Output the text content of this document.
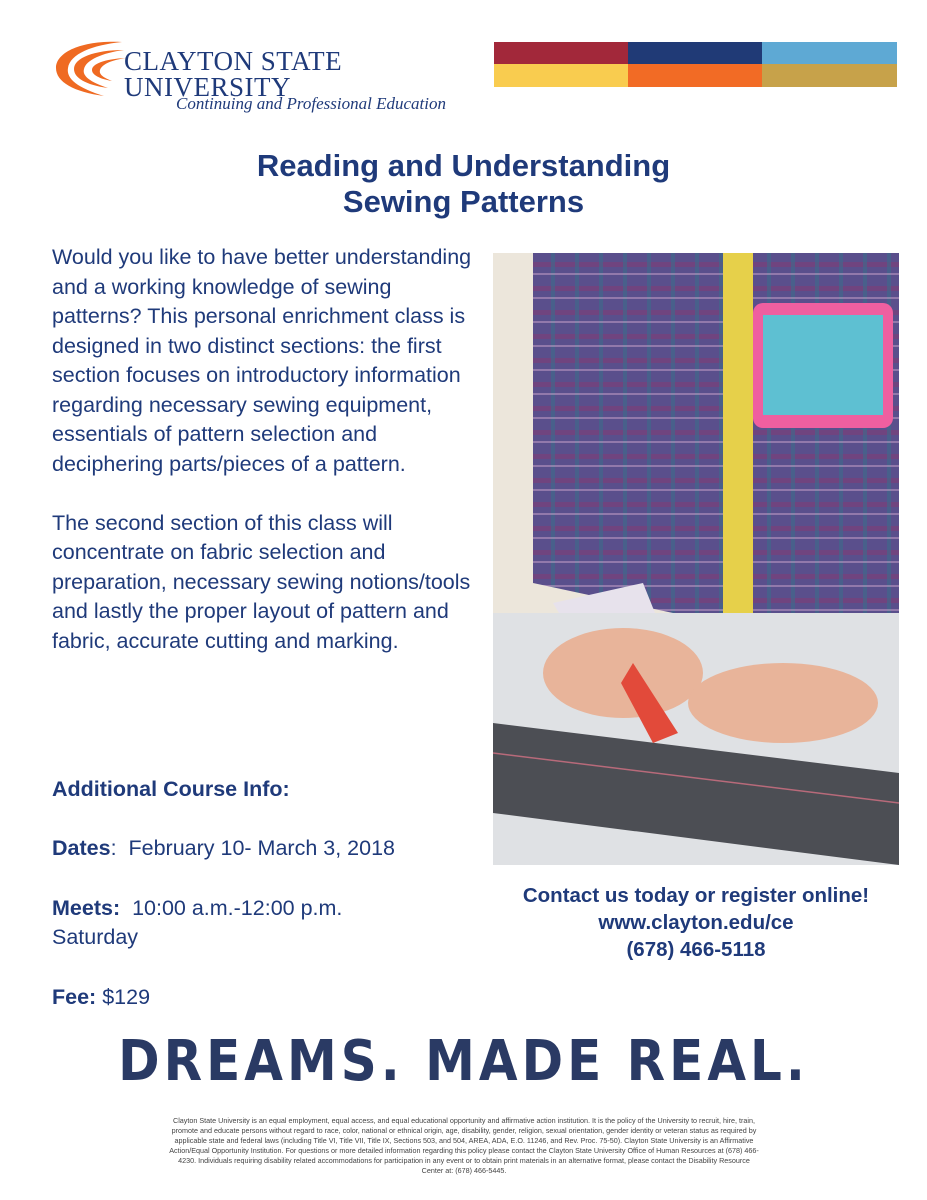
CLAYTON STATE
UNIVERSITY
Continuing and Professional Education
Reading and Understanding
Sewing Patterns

Would you like to have better understanding and a working knowledge of sewing patterns? This personal enrichment class is designed in two distinct sections: the first section focuses on introductory information regarding necessary sewing equipment, essentials of pattern selection and deciphering parts/pieces of a pattern.

The second section of this class will concentrate on fabric selection and preparation, necessary sewing notions/tools and lastly the proper layout of pattern and fabric, accurate cutting and marking.

Additional Course Info:
Dates:  February 10- March 3, 2018
Meets: 10:00 a.m.-12:00 p.m.
Saturday
Fee: $129
Contact us today or register online!
www.clayton.edu/ce
(678) 466-5118
DREAMS. MADE REAL.
Clayton State University is an equal employment, equal access, and equal educational opportunity and affirmative action institution. It is the policy of the University to recruit, hire, train, promote and educate persons without regard to race, color, national or ethnical origin, age, disability, gender, religion, sexual orientation, gender identity or veteran status as required by applicable state and federal laws (including Title VI, Title VII, Title IX, Sections 503, and 504, AREA, ADA, E.O. 11246, and Rev. Proc. 75-50). Clayton State University is an Affirmative Action/Equal Opportunity Institution. For questions or more detailed information regarding this policy please contact the Clayton State University Office of Human Resources at (678) 466-4230. Individuals requiring disability related accommodations for participation in any event or to obtain print materials in an alternative format, please contact the Disability Resource Center at: (678) 466-5445.
